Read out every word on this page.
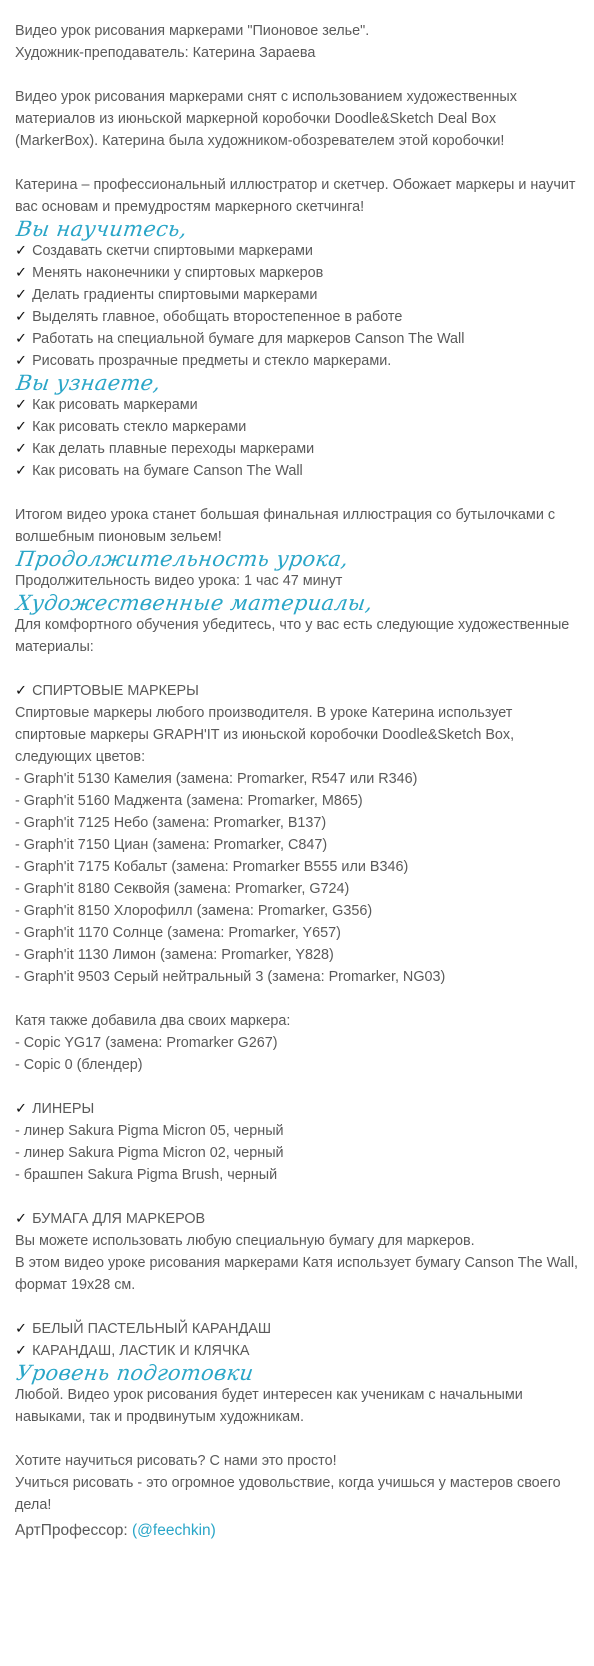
Видео урок рисования маркерами "Пионовое зелье".
Художник-преподаватель: Катерина Зараева
Видео урок рисования маркерами снят с использованием художественных
материалов из июньской маркерной коробочки Doodle&Sketch Deal Box
(MarkerBox). Катерина была художником-обозревателем этой коробочки!
Катерина – профессиональный иллюстратор и скетчер. Обожает маркеры и научит
вас основам и премудростям маркерного скетчинга!
Вы научитесь,
✓ Создавать скетчи спиртовыми маркерами
✓ Менять наконечники у спиртовых маркеров
✓ Делать градиенты спиртовыми маркерами
✓ Выделять главное, обобщать второстепенное в работе
✓ Работать на специальной бумаге для маркеров Canson The Wall
✓ Рисовать прозрачные предметы и стекло маркерами.
Вы узнаете,
✓ Как рисовать маркерами
✓ Как рисовать стекло маркерами
✓ Как делать плавные переходы маркерами
✓ Как рисовать на бумаге Canson The Wall
Итогом видео урока станет большая финальная иллюстрация со бутылочками с
волшебным пионовым зельем!
Продолжительность урока,
Продолжительность видео урока: 1 час 47 минут
Художественные материалы,
Для комфортного обучения убедитесь, что у вас есть следующие художественные
материалы:
✓ СПИРТОВЫЕ МАРКЕРЫ
Спиртовые маркеры любого производителя. В уроке Катерина использует
спиртовые маркеры GRAPH'IT из июньской коробочки Doodle&Sketch Box,
следующих цветов:
- Graph'it 5130 Камелия (замена: Promarker, R547 или R346)
- Graph'it 5160 Маджента (замена: Promarker, M865)
- Graph'it 7125 Небо (замена: Promarker, B137)
- Graph'it 7150 Циан (замена: Promarker, C847)
- Graph'it 7175 Кобальт (замена: Promarker B555 или B346)
- Graph'it 8180 Секвойя (замена: Promarker, G724)
- Graph'it 8150 Хлорофилл (замена: Promarker, G356)
- Graph'it 1170 Солнце (замена: Promarker, Y657)
- Graph'it 1130 Лимон (замена: Promarker, Y828)
- Graph'it 9503 Серый нейтральный 3 (замена: Promarker, NG03)
Катя также добавила два своих маркера:
- Copic YG17 (замена: Promarker G267)
- Copic 0 (блендер)
✓ ЛИНЕРЫ
- линер Sakura Pigma Micron 05, черный
- линер Sakura Pigma Micron 02, черный
- брашпен Sakura Pigma Brush, черный
✓ БУМАГА ДЛЯ МАРКЕРОВ
Вы можете использовать любую специальную бумагу для маркеров.
В этом видео уроке рисования маркерами Катя использует бумагу Canson The Wall,
формат 19x28 см.
✓ БЕЛЫЙ ПАСТЕЛЬНЫЙ КАРАНДАШ
✓ КАРАНДАШ, ЛАСТИК И КЛЯЧКА
Уровень подготовки
Любой. Видео урок рисования будет интересен как ученикам с начальными
навыками, так и продвинутым художникам.
Хотите научиться рисовать? С нами это просто!
Учиться рисовать - это огромное удовольствие, когда учишься у мастеров своего
дела!
АртПрофессор: (@feechkin)
